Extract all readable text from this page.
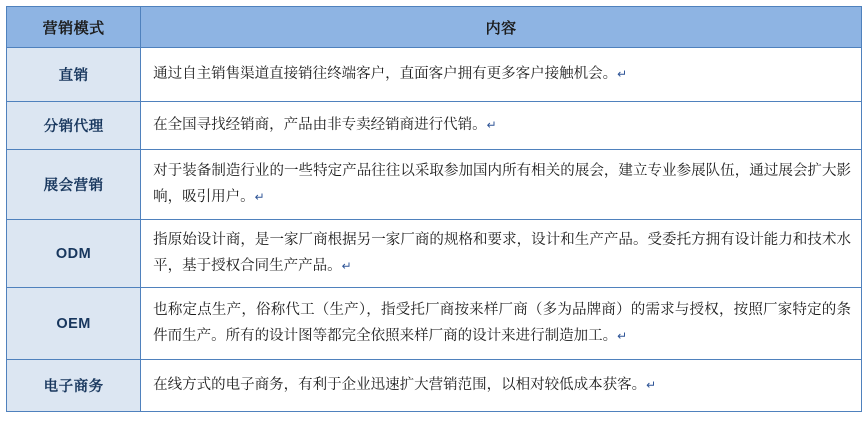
营销模式	内容
直销	通过自主销售渠道直接销往终端客户，直面客户拥有更多客户接触机会。↵

分销代理	在全国寻找经销商，产品由非专卖经销商进行代销。↵

展会营销	对于装备制造行业的一些特定产品往往以采取参加国内所有相关的展会，建立专业参展队伍，通过展会扩大影响，吸引用户。↵

ODM	指原始设计商，是一家厂商根据另一家厂商的规格和要求，设计和生产产品。受委托方拥有设计能力和技术水平，基于授权合同生产产品。↵

OEM	也称定点生产，俗称代工（生产），指受托厂商按来样厂商（多为品牌商）的需求与授权，按照厂家特定的条件而生产。所有的设计图等都完全依照来样厂商的设计来进行制造加工。↵

电子商务	在线方式的电子商务，有利于企业迅速扩大营销范围，以相对较低成本获客。↵
